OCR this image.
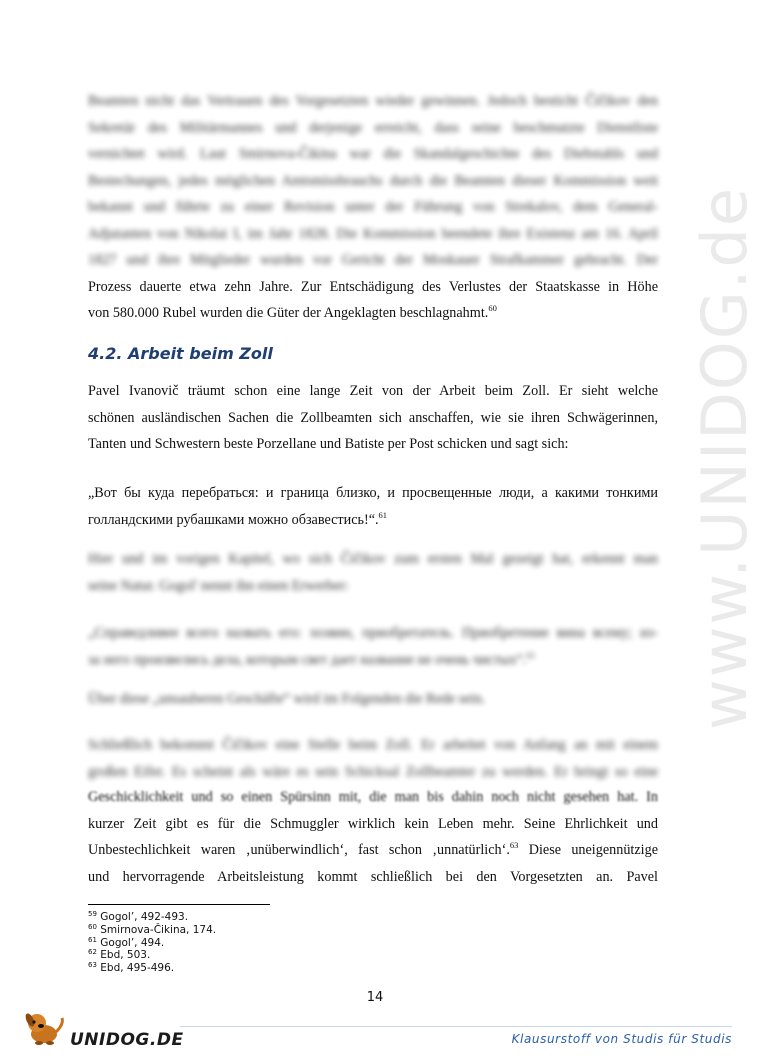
Beamten nicht das Vertrauen des Vorgesetzten wieder gewinnen. Jedoch besticht Čičikov den
Sekretär des Militärmannes und derjenige erreicht, dass seine beschmutzte Dienstliste
vernichtet wird. Laut Smirnova-Čikina war die Skandalgeschichte des Diebstahls und
Bestechungen, jedes möglichen Amtsmissbrauchs durch die Beamten dieser Kommission weit
bekannt und führte zu einer Revision unter der Führung von Strekalov, dem General-
Adjutanten von Nikolai I, im Jahr 1828. Die Kommission beendete ihre Existenz am 16. April
1827 und ihre Mitglieder wurden vor Gericht der Moskauer Strafkammer gebracht. Der
Prozess dauerte etwa zehn Jahre. Zur Entschädigung des Verlustes der Staatskasse in Höhe
von 580.000 Rubel wurden die Güter der Angeklagten beschlagnahmt.$^{60}$
4.2. Arbeit beim Zoll
Pavel Ivanovič träumt schon eine lange Zeit von der Arbeit beim Zoll. Er sieht welche
schönen ausländischen Sachen die Zollbeamten sich anschaffen, wie sie ihren Schwägerinnen,
Tanten und Schwestern beste Porzellane und Batiste per Post schicken und sagt sich:
„Вот бы куда перебраться: и граница близко, и просвещенные люди, а какими тонкими
голландскими рубашками можно обзавестись!“.$^{61}$
Hier und im vorigen Kapitel, wo sich Čičikov zum ersten Mal gezeigt hat, erkennt man
seine Natur. Gogol' nennt ihn einen Erwerber:
„Справедливее всего назвать его: хозяин, приобретатель. Приобретение вина всему; из-
за него произвелись дела, которым свет дает название не очень чистых“.$^{62}$
Über diese „unsauberen Geschäfte“ wird im Folgenden die Rede sein.
Schließlich bekommt Čičikov eine Stelle beim Zoll. Er arbeitet von Anfang an mit einem
großen Eifer. Es scheint als wäre es sein Schicksal Zollbeamter zu werden. Er bringt so eine
Geschicklichkeit und so einen Spürsinn mit, die man bis dahin noch nicht gesehen hat. In
kurzer Zeit gibt es für die Schmuggler wirklich kein Leben mehr. Seine Ehrlichkeit und
Unbestechlichkeit waren ‚unüberwindlich‘, fast schon ‚unnatürlich‘.$^{63}$ Diese uneigennützige
und hervorragende Arbeitsleistung kommt schließlich bei den Vorgesetzten an. Pavel
$^{59}$ Gogol’, 492-493.
$^{60}$ Smirnova-Čikina, 174.
$^{61}$ Gogol’, 494.
$^{62}$ Ebd, 503.
$^{63}$ Ebd, 495-496.
14
www.UNIDOG.de
UNIDOG.DE	Klausurstoff von Studis für Studis
